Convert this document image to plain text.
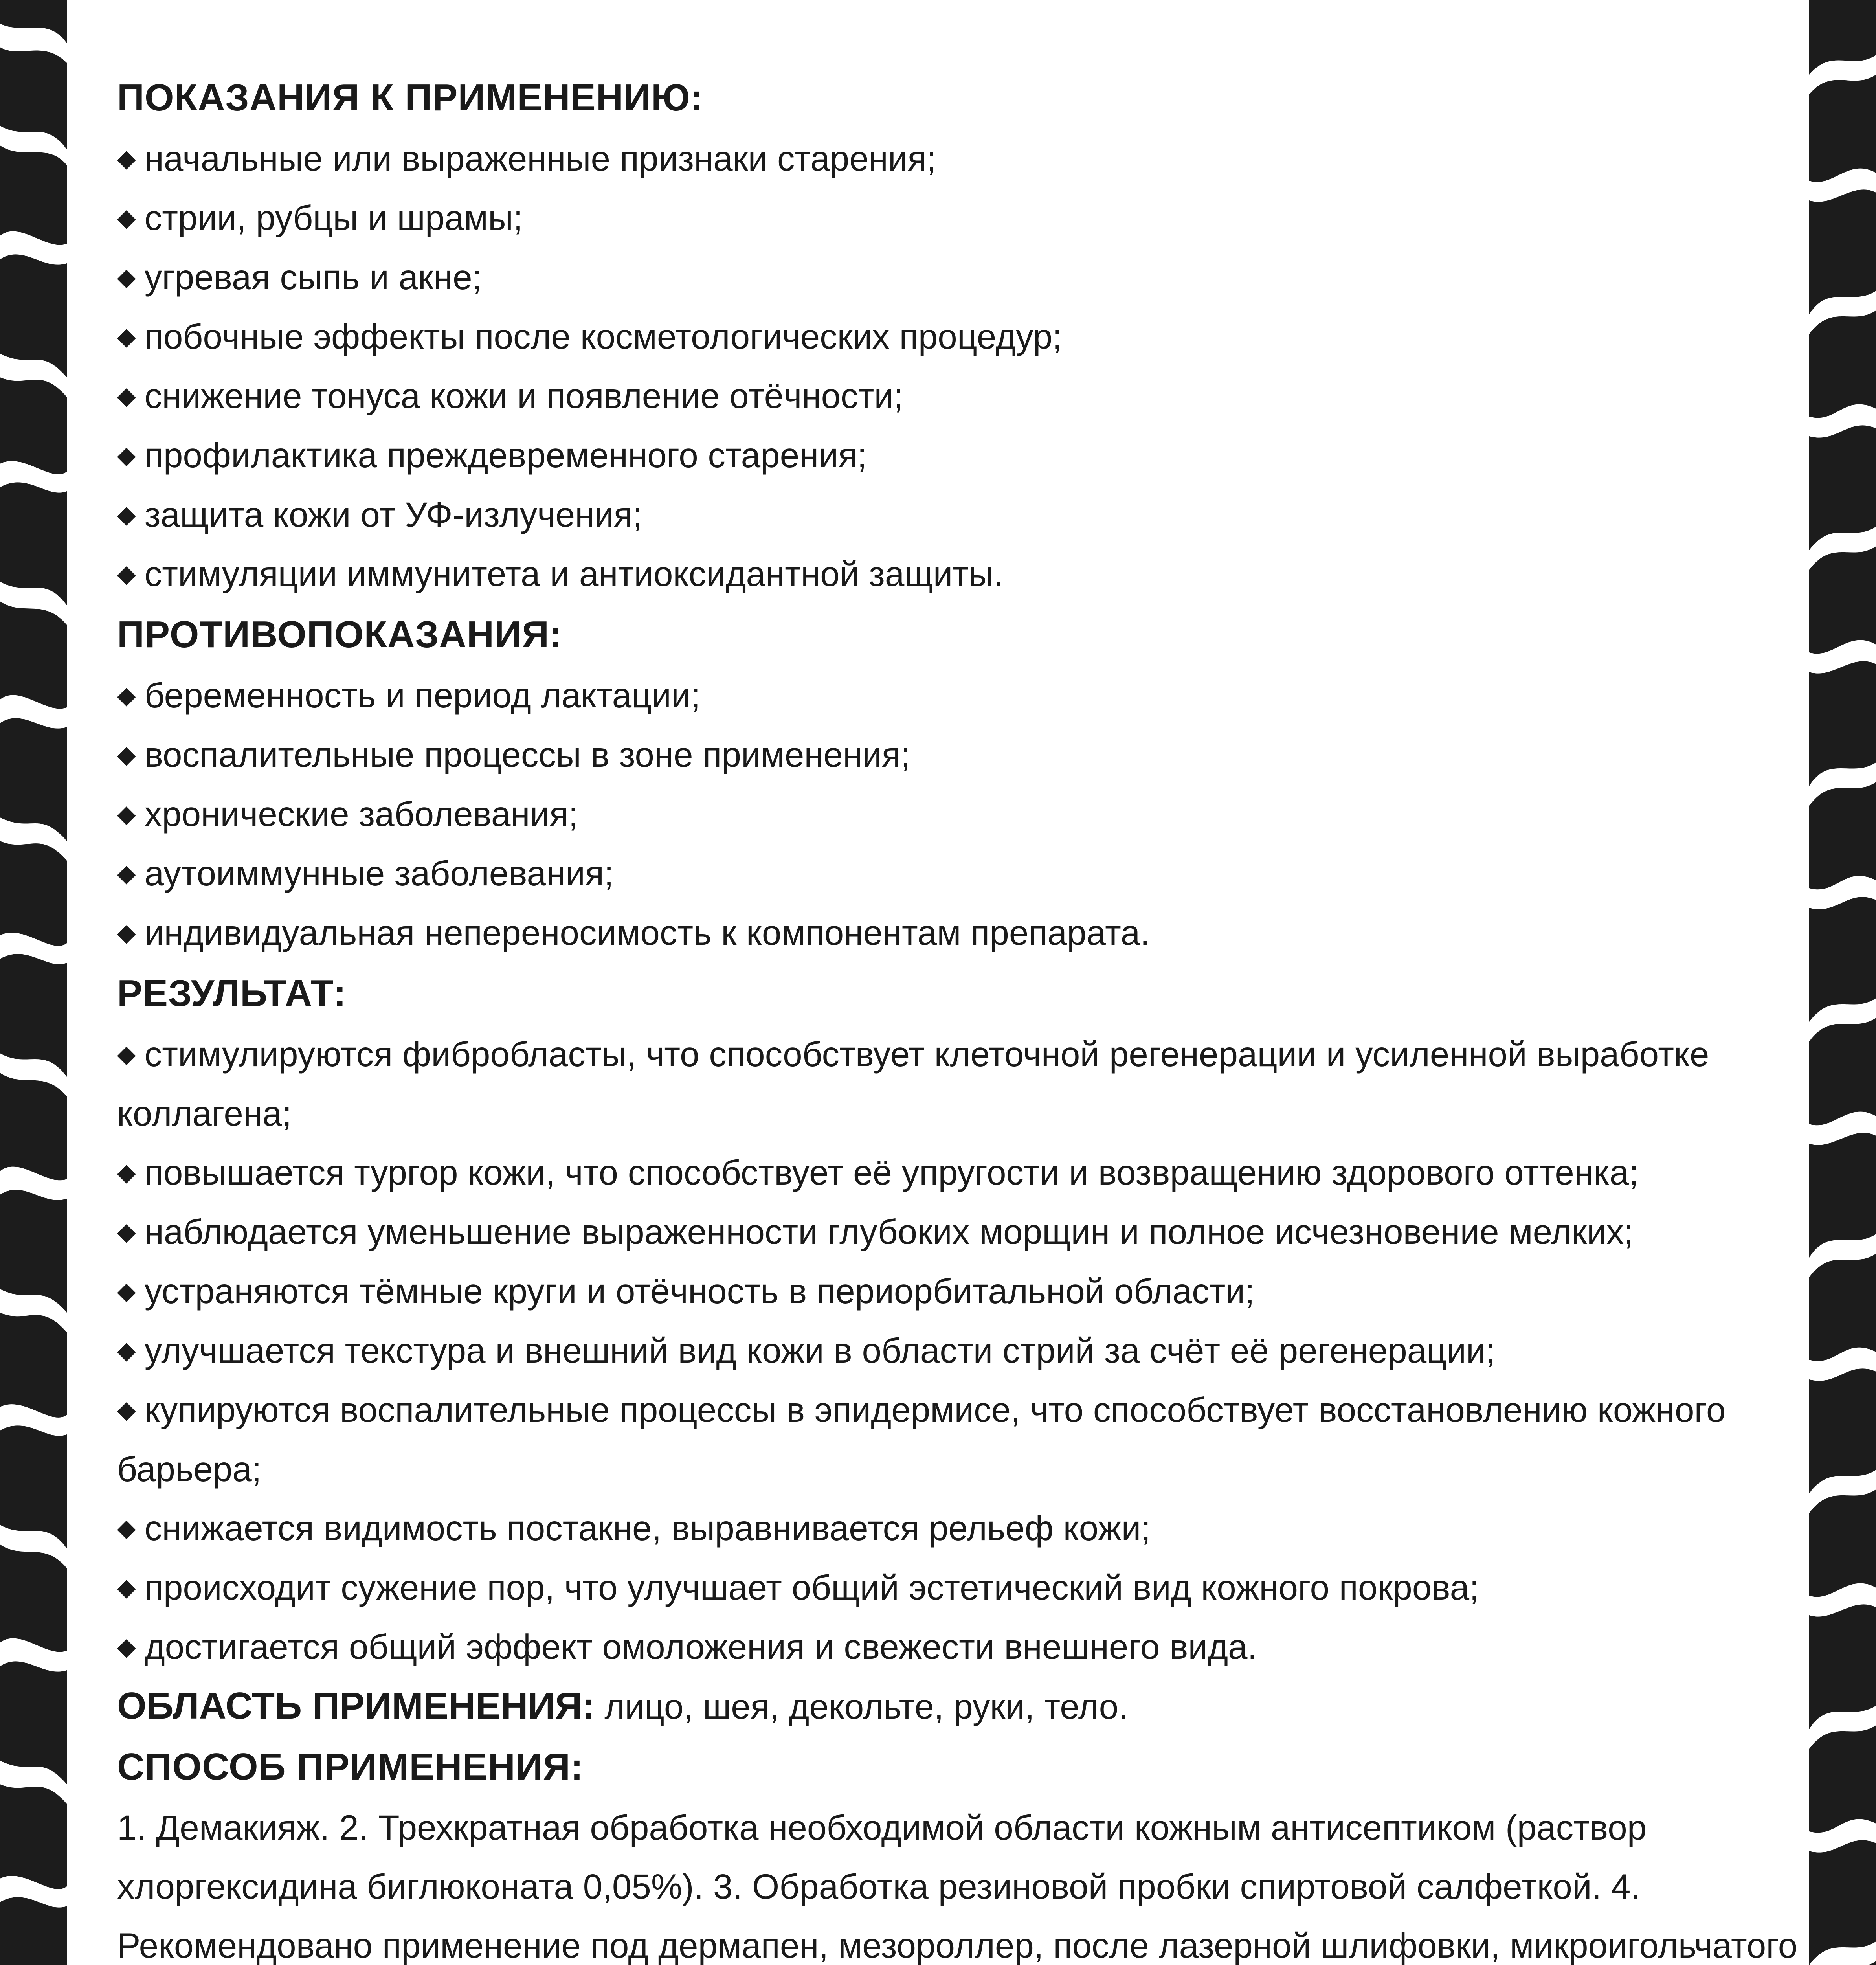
ПОКАЗАНИЯ К ПРИМЕНЕНИЮ:

◆ начальные или выраженные признаки старения;

◆ стрии, рубцы и шрамы;

◆ угревая сыпь и акне;

◆ побочные эффекты после косметологических процедур;

◆ снижение тонуса кожи и появление отёчности;

◆ профилактика преждевременного старения;

◆ защита кожи от УФ-излучения;

◆ стимуляции иммунитета и антиоксидантной защиты.

ПРОТИВОПОКАЗАНИЯ:

◆ беременность и период лактации;

◆ воспалительные процессы в зоне применения;

◆ хронические заболевания;

◆ аутоиммунные заболевания;

◆ индивидуальная непереносимость к компонентам препарата.

РЕЗУЛЬТАТ:

◆ стимулируются фибробласты, что способствует клеточной регенерации и усиленной выработке коллагена;

◆ повышается тургор кожи, что способствует её упругости и возвращению здорового оттенка;

◆ наблюдается уменьшение выраженности глубоких морщин и полное исчезновение мелких;

◆ устраняются тёмные круги и отёчность в периорбитальной области;

◆ улучшается текстура и внешний вид кожи в области стрий за счёт её регенерации;

◆ купируются воспалительные процессы в эпидермисе, что способствует восстановлению кожного барьера;

◆ снижается видимость постакне, выравнивается рельеф кожи;

◆ происходит сужение пор, что улучшает общий эстетический вид кожного покрова;

◆ достигается общий эффект омоложения и свежести внешнего вида.

ОБЛАСТЬ ПРИМЕНЕНИЯ: лицо, шея, декольте, руки, тело.

СПОСОБ ПРИМЕНЕНИЯ:

1. Демакияж. 2. Трехкратная обработка необходимой области кожным антисептиком (раствор хлоргексидина биглюконата 0,05%). 3. Обработка резиновой пробки спиртовой салфеткой. 4. Рекомендовано применение под дермапен, мезороллер, после лазерной шлифовки, микроигольчатого
